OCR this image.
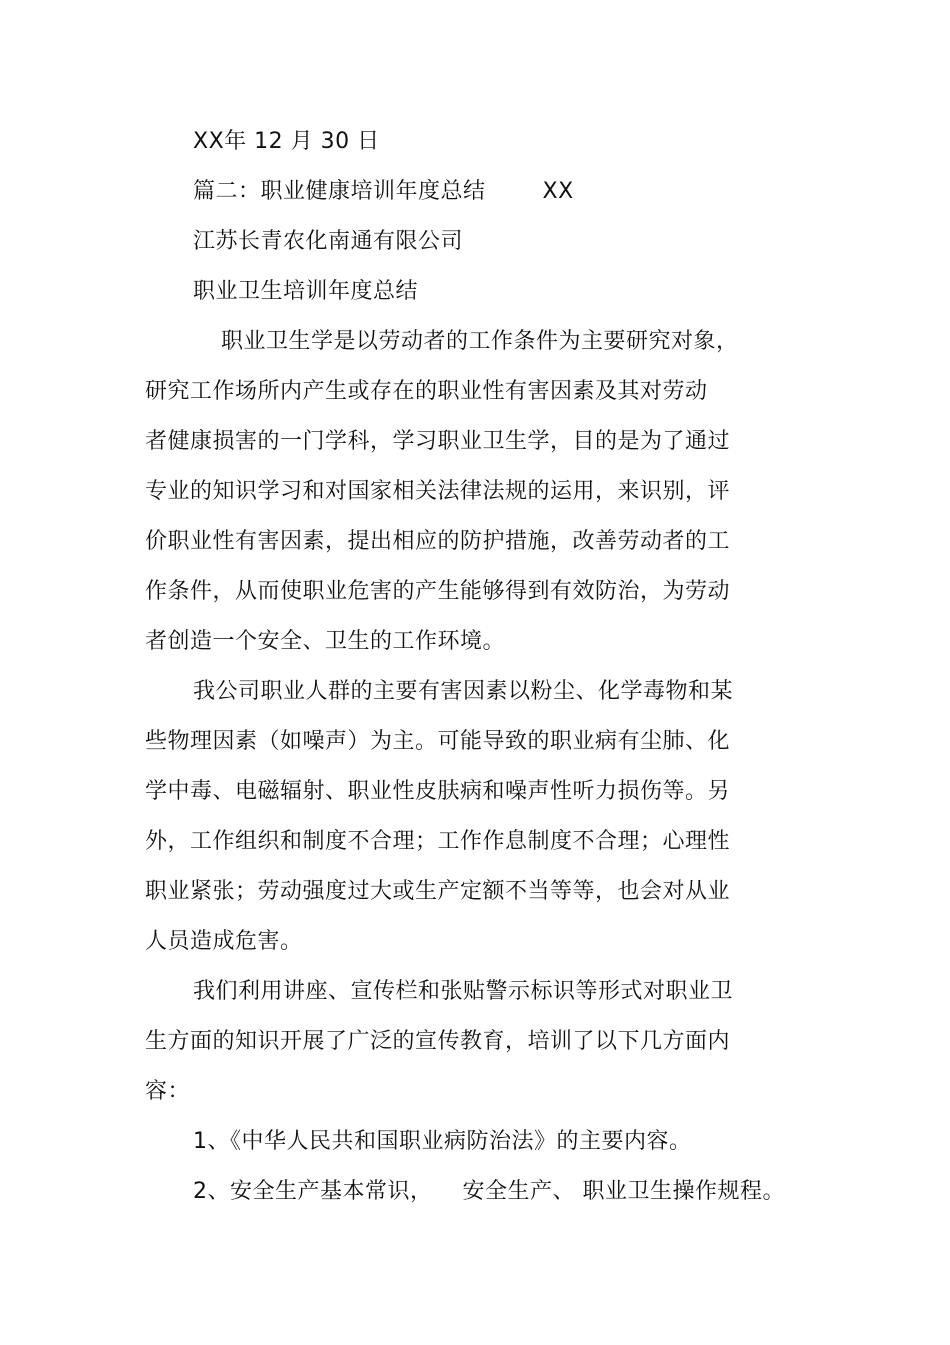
XX年 12 月 30 日
篇二：职业健康培训年度总结	XX
江苏长青农化南通有限公司
职业卫生培训年度总结
职业卫生学是以劳动者的工作条件为主要研究对象，
研究工作场所内产生或存在的职业性有害因素及其对劳动
者健康损害的一门学科，学习职业卫生学，目的是为了通过
专业的知识学习和对国家相关法律法规的运用，来识别，评
价职业性有害因素，提出相应的防护措施，改善劳动者的工
作条件，从而使职业危害的产生能够得到有效防治，为劳动
者创造一个安全、卫生的工作环境。
我公司职业人群的主要有害因素以粉尘、化学毒物和某
些物理因素（如噪声）为主。可能导致的职业病有尘肺、化
学中毒、电磁辐射、职业性皮肤病和噪声性听力损伤等。另
外，工作组织和制度不合理；工作作息制度不合理；心理性
职业紧张；劳动强度过大或生产定额不当等等，也会对从业
人员造成危害。
我们利用讲座、宣传栏和张贴警示标识等形式对职业卫
生方面的知识开展了广泛的宣传教育，培训了以下几方面内
容：
1、《中华人民共和国职业病防治法》的主要内容。
2、安全生产基本常识，    安全生产、 职业卫生操作规程。
